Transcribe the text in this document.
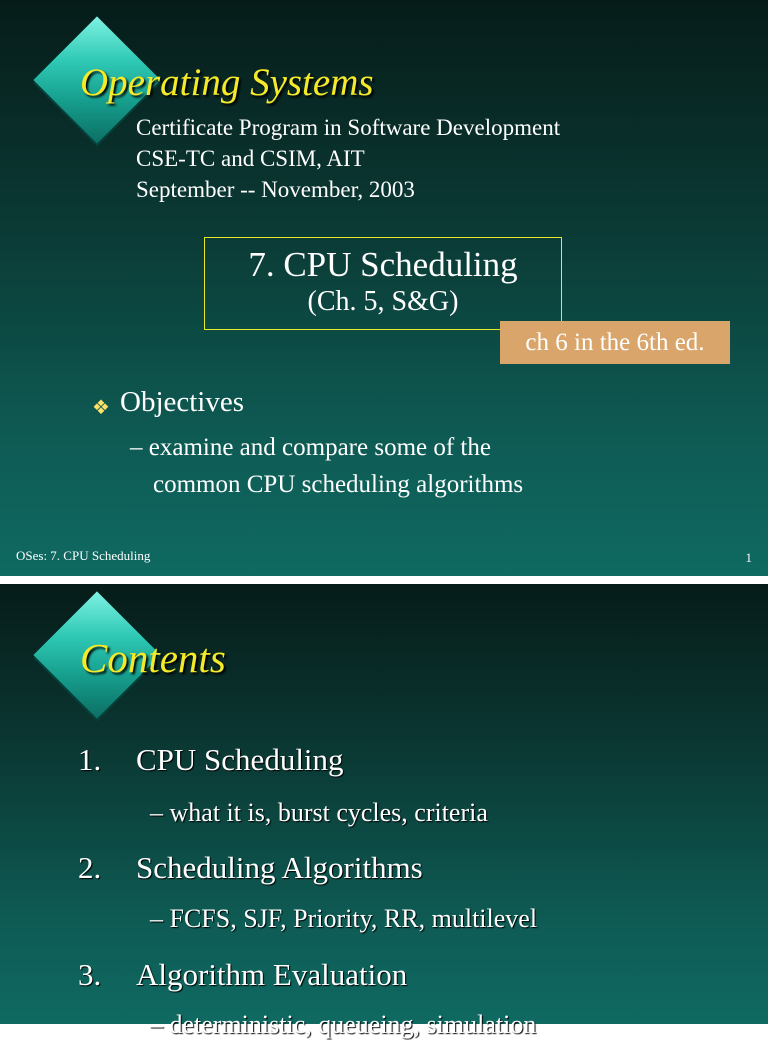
Operating Systems
Certificate Program in Software Development
CSE-TC and CSIM, AIT
September -- November, 2003
7. CPU Scheduling
(Ch. 5, S&G)
ch 6 in the 6th ed.
❖ Objectives
– examine and compare some of the
common CPU scheduling algorithms
OSes: 7. CPU Scheduling	1
Contents
1. CPU Scheduling
– what it is, burst cycles, criteria
2. Scheduling Algorithms
– FCFS, SJF, Priority, RR, multilevel
3. Algorithm Evaluation
– deterministic, queueing, simulation
